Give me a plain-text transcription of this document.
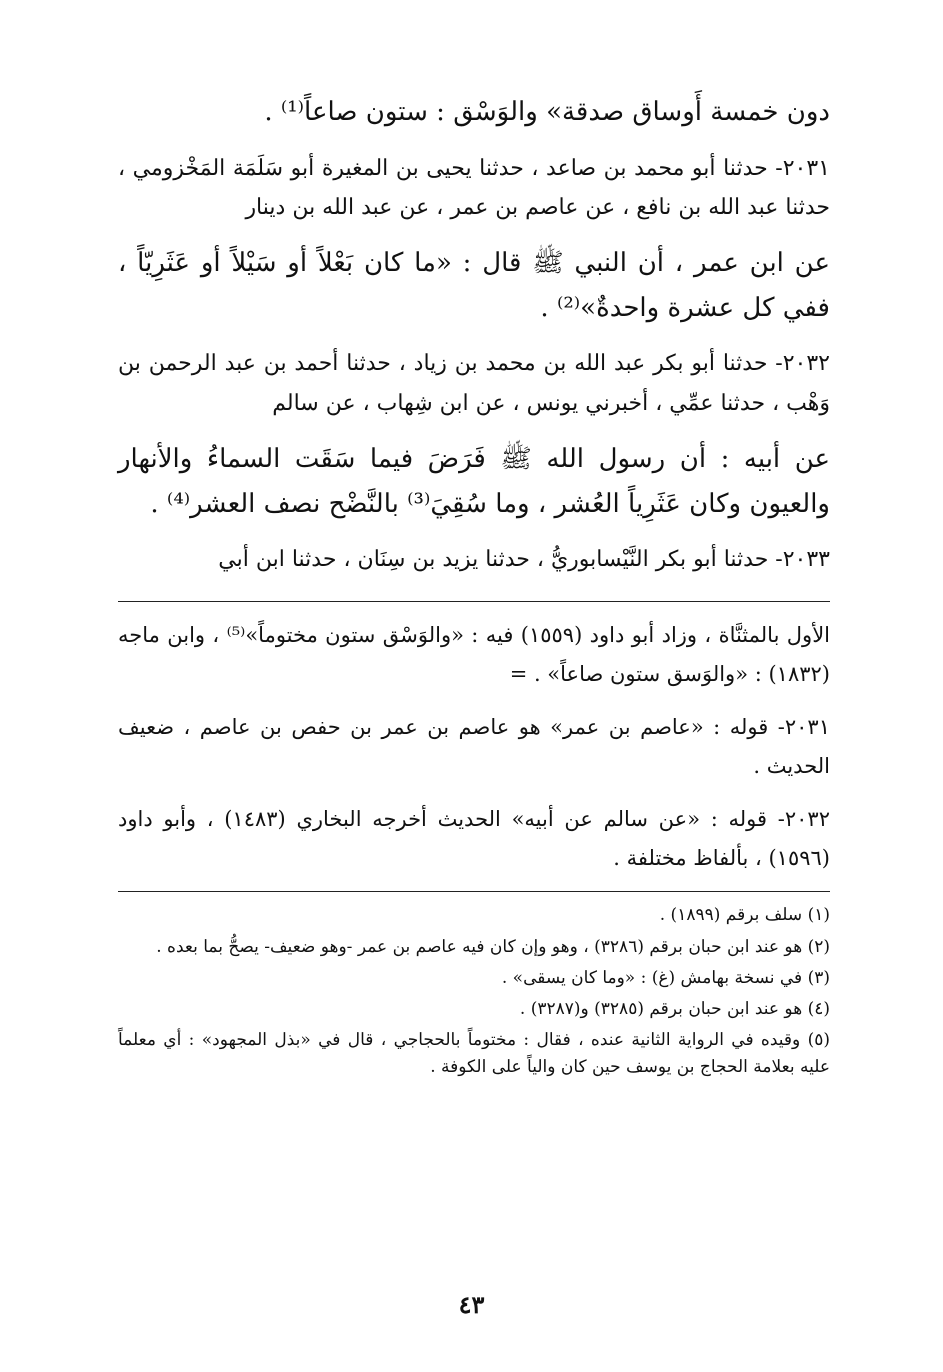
دون خمسة أَوساق صدقة» والوَسْق : ستون صاعاً⁽¹⁾ .

٢٠٣١- حدثنا أبو محمد بن صاعد ، حدثنا يحيى بن المغيرة أبو سَلَمَة المَخْزومي ، حدثنا عبد الله بن نافع ، عن عاصم بن عمر ، عن عبد الله بن دينار

عن ابن عمر ، أن النبي ﷺ قال : «ما كان بَعْلاً أو سَيْلاً أو عَثَرِيّاً ، ففي كل عشرة واحدةٌ»⁽²⁾ .

٢٠٣٢- حدثنا أبو بكر عبد الله بن محمد بن زياد ، حدثنا أحمد بن عبد الرحمن بن وَهْب ، حدثنا عمِّي ، أخبرني يونس ، عن ابن شِهاب ، عن سالم

عن أبيه : أن رسول الله ﷺ فَرَضَ فيما سَقَت السماءُ والأنهار والعيون وكان عَثَرِياً العُشر ، وما سُقِيَ⁽³⁾ بالنَّضْح نصف العشر⁽⁴⁾ .

٢٠٣٣- حدثنا أبو بكر النَّيْسابوريُّ ، حدثنا يزيد بن سِنَان ، حدثنا ابن أبي

الأول بالمثنَّاة ، وزاد أبو داود (١٥٥٩) فيه : «والوَسْق ستون مختوماً»⁽⁵⁾ ، وابن ماجه (١٨٣٢) : «والوَسق ستون صاعاً» . =

٢٠٣١- قوله : «عاصم بن عمر» هو عاصم بن عمر بن حفص بن عاصم ، ضعيف الحديث .

٢٠٣٢- قوله : «عن سالم عن أبيه» الحديث أخرجه البخاري (١٤٨٣) ، وأبو داود (١٥٩٦) ، بألفاظ مختلفة .

(١) سلف برقم (١٨٩٩) .

(٢) هو عند ابن حبان برقم (٣٢٨٦) ، وهو وإن كان فيه عاصم بن عمر -وهو ضعيف- يصحُّ بما بعده .

(٣) في نسخة بهامش (غ) : «وما كان يسقى» .

(٤) هو عند ابن حبان برقم (٣٢٨٥) و(٣٢٨٧) .

(٥) وقيده في الرواية الثانية عنده ، فقال : مختوماً بالحجاجي ، قال في «بذل المجهود» : أي معلماً عليه بعلامة الحجاج بن يوسف حين كان والياً على الكوفة .

٤٣
